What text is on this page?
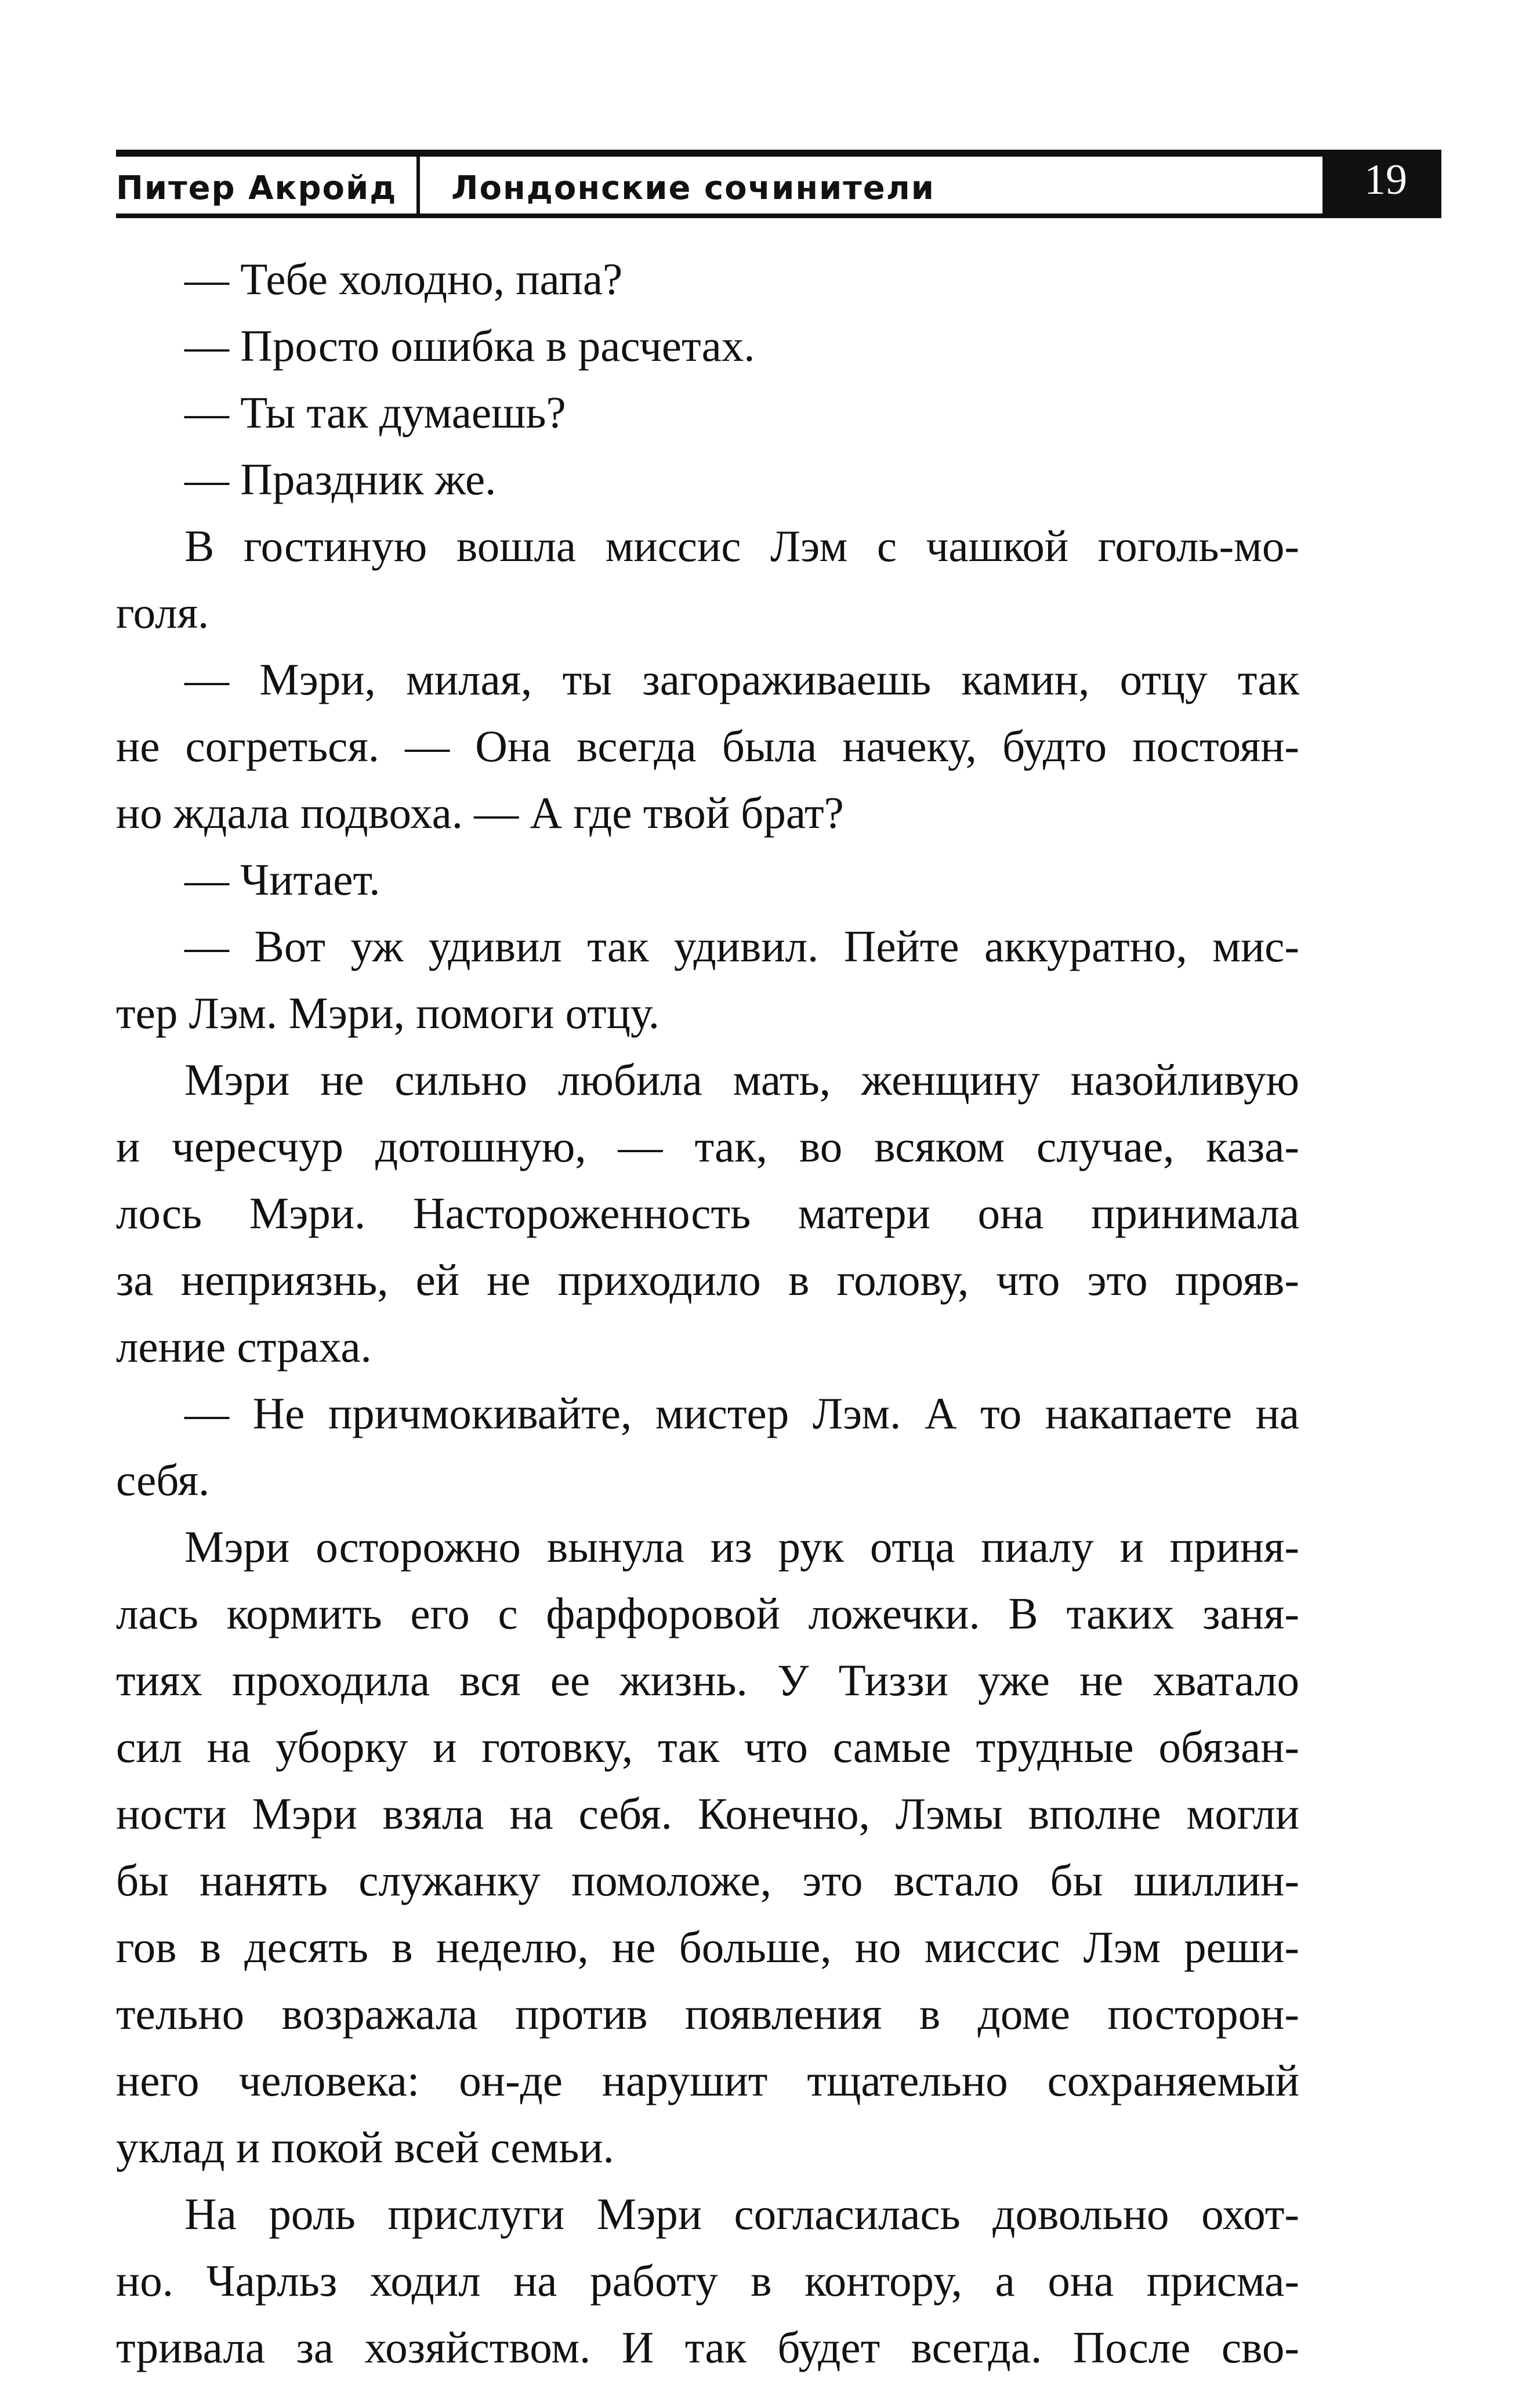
Питер Акройд Лондонские сочинители	19
— Тебе холодно, папа?
— Просто ошибка в расчетах.
— Ты так думаешь?
— Праздник же.
В гостиную вошла миссис Лэм с чашкой гоголь-мо-
голя.
— Мэри, милая, ты загораживаешь камин, отцу так
не согреться. — Она всегда была начеку, будто постоян-
но ждала подвоха. — А где твой брат?
— Читает.
— Вот уж удивил так удивил. Пейте аккуратно, мис-
тер Лэм. Мэри, помоги отцу.
Мэри не сильно любила мать, женщину назойливую
и чересчур дотошную, — так, во всяком случае, каза-
лось Мэри. Настороженность матери она принимала
за неприязнь, ей не приходило в голову, что это прояв-
ление страха.
— Не причмокивайте, мистер Лэм. А то накапаете на
себя.
Мэри осторожно вынула из рук отца пиалу и приня-
лась кормить его с фарфоровой ложечки. В таких заня-
тиях проходила вся ее жизнь. У Тиззи уже не хватало
сил на уборку и готовку, так что самые трудные обязан-
ности Мэри взяла на себя. Конечно, Лэмы вполне могли
бы нанять служанку помоложе, это встало бы шиллин-
гов в десять в неделю, не больше, но миссис Лэм реши-
тельно возражала против появления в доме посторон-
него человека: он-де нарушит тщательно сохраняемый
уклад и покой всей семьи.
На роль прислуги Мэри согласилась довольно охот-
но. Чарльз ходил на работу в контору, а она присма-
тривала за хозяйством. И так будет всегда. После сво-
